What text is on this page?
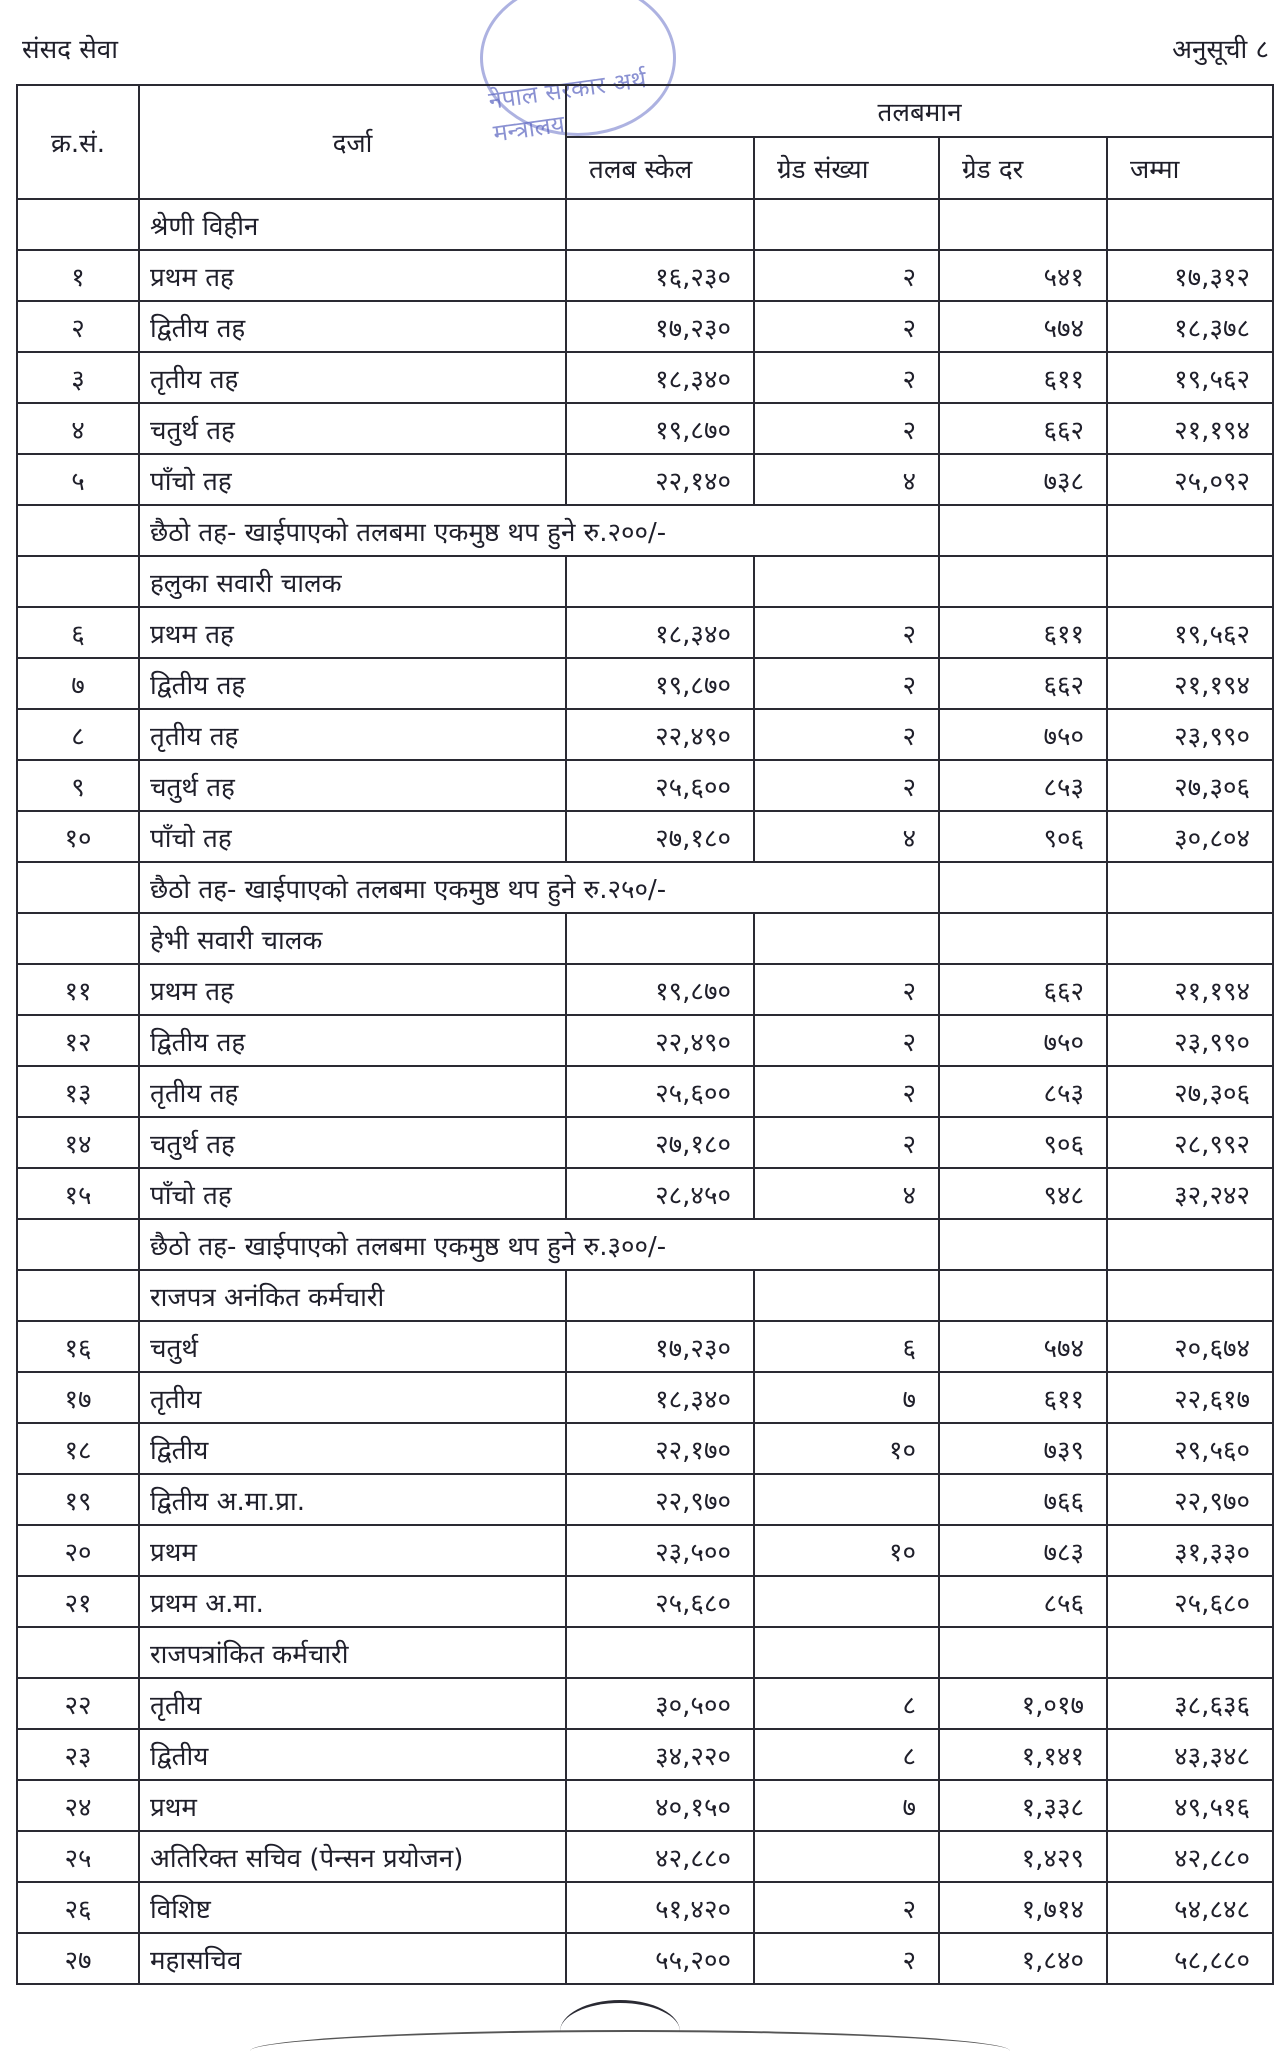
संसद सेवा	अनुसूची ८
नेपाल सरकार अर्थ मन्त्रालय
क्र.सं.	दर्जा	तलबमान			
		तलब स्केल	ग्रेड संख्या	ग्रेड दर	जम्मा
	श्रेणी विहीन				
१	प्रथम तह	१६,२३०	२	५४१	१७,३१२
२	द्वितीय तह	१७,२३०	२	५७४	१८,३७८
३	तृतीय तह	१८,३४०	२	६११	१९,५६२
४	चतुर्थ तह	१९,८७०	२	६६२	२१,१९४
५	पाँचो तह	२२,१४०	४	७३८	२५,०९२
	छैठो तह- खाईपाएको तलबमा एकमुष्ठ थप हुने रु.२००/-				
	हलुका सवारी चालक				
६	प्रथम तह	१८,३४०	२	६११	१९,५६२
७	द्वितीय तह	१९,८७०	२	६६२	२१,१९४
८	तृतीय तह	२२,४९०	२	७५०	२३,९९०
९	चतुर्थ तह	२५,६००	२	८५३	२७,३०६
१०	पाँचो तह	२७,१८०	४	९०६	३०,८०४
	छैठो तह- खाईपाएको तलबमा एकमुष्ठ थप हुने रु.२५०/-				
	हेभी सवारी चालक				
११	प्रथम तह	१९,८७०	२	६६२	२१,१९४
१२	द्वितीय तह	२२,४९०	२	७५०	२३,९९०
१३	तृतीय तह	२५,६००	२	८५३	२७,३०६
१४	चतुर्थ तह	२७,१८०	२	९०६	२८,९९२
१५	पाँचो तह	२८,४५०	४	९४८	३२,२४२
	छैठो तह- खाईपाएको तलबमा एकमुष्ठ थप हुने रु.३००/-				
	राजपत्र अनंकित कर्मचारी				
१६	चतुर्थ	१७,२३०	६	५७४	२०,६७४
१७	तृतीय	१८,३४०	७	६११	२२,६१७
१८	द्वितीय	२२,१७०	१०	७३९	२९,५६०
१९	द्वितीय अ.मा.प्रा.	२२,९७०		७६६	२२,९७०
२०	प्रथम	२३,५००	१०	७८३	३१,३३०
२१	प्रथम अ.मा.	२५,६८०		८५६	२५,६८०
	राजपत्रांकित कर्मचारी				
२२	तृतीय	३०,५००	८	१,०१७	३८,६३६
२३	द्वितीय	३४,२२०	८	१,१४१	४३,३४८
२४	प्रथम	४०,१५०	७	१,३३८	४९,५१६
२५	अतिरिक्त सचिव (पेन्सन प्रयोजन)	४२,८८०		१,४२९	४२,८८०
२६	विशिष्ट	५१,४२०	२	१,७१४	५४,८४८
२७	महासचिव	५५,२००	२	१,८४०	५८,८८०
